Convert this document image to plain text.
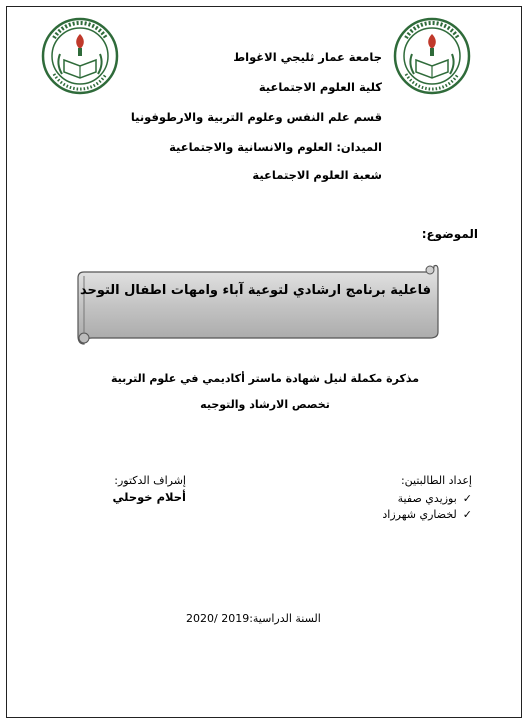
جامعة عمار ثليجي الاغواط
كلية العلوم الاجتماعية
قسم علم النفس وعلوم التربية والارطوفونيا
الميدان: العلوم والانسانية والاجتماعية
شعبة العلوم الاجتماعية
الموضوع:
فاعلية برنامج ارشادي لتوعية آباء وامهات اطفال التوحد
مذكرة مكملة لنيل شهادة ماستر أكاديمي في علوم التربية
تخصص الارشاد والتوجيه
إعداد الطالبتين:
✓
بوزيدي صفية
✓
لخضاري شهرزاد
إشراف الدكتور:
أحلام خوحلي
السنة الدراسية:2019 /2020
